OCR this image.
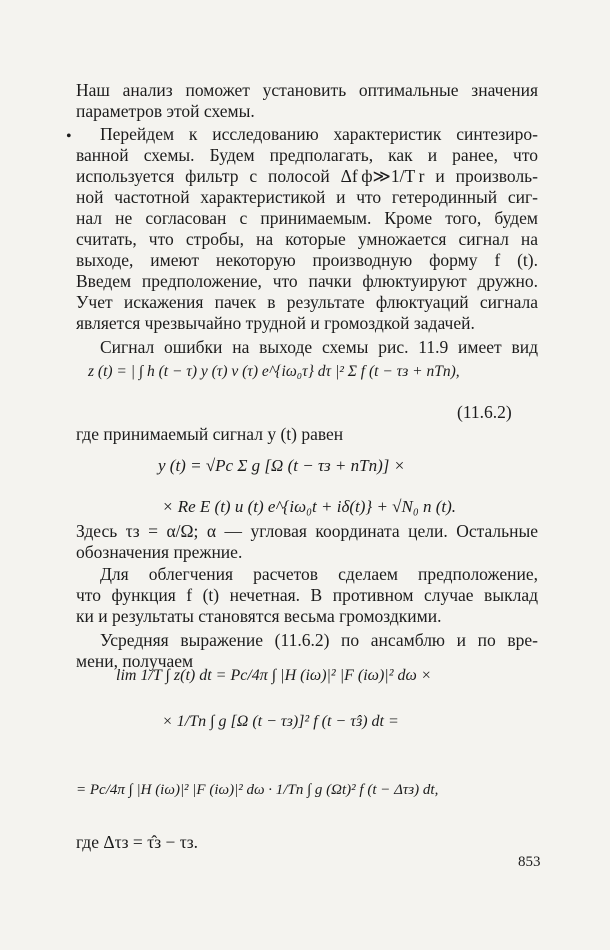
Наш анализ поможет установить оптимальные значения
параметров этой схемы.
• Перейдем к исследованию характеристик синтезиро-
ванной схемы. Будем предполагать, как и ранее, что
используется фильтр с полосой Δf ф≫1/T r и произволь-
ной частотной характеристикой и что гетеродинный сиг-
нал не согласован с принимаемым. Кроме того, будем
считать, что стробы, на которые умножается сигнал на
выходе, имеют некоторую производную форму f (t).
Введем предположение, что пачки флюктуируют дружно.
Учет искажения пачек в результате флюктуаций сигнала
является чрезвычайно трудной и громоздкой задачей.
Сигнал ошибки на выходе схемы рис. 11.9 имеет вид
z (t) = | ∫ h (t − τ) y (τ) v (τ) e^{iω₀τ} dτ |² Σ f (t − τз + nTп),
(11.6.2)
где принимаемый сигнал y (t) равен
y (t) = √Pc Σ g [Ω (t − τз + nTп)] ×
× Re E (t) u (t) e^{iω₀t + iδ(t)} + √N₀ n (t).
Здесь τз = α/Ω; α — угловая координата цели. Остальные
обозначения прежние.
Для облегчения расчетов сделаем предположение,
что функция f (t) нечетная. В противном случае выклад
ки и результаты становятся весьма громоздкими.
Усредняя выражение (11.6.2) по ансамблю и по вре-
мени, получаем
lim 1/T ∫ z(t) dt = Pc/4π ∫ |H (iω)|² |F (iω)|² dω ×
× 1/Tп ∫ g [Ω (t − τз)]² f (t − τ̂з) dt =
= Pc/4π ∫ |H (iω)|² |F (iω)|² dω · 1/Tп ∫ g (Ωt)² f (t − Δτз) dt,
где Δτз = τ̂з − τз.
853
